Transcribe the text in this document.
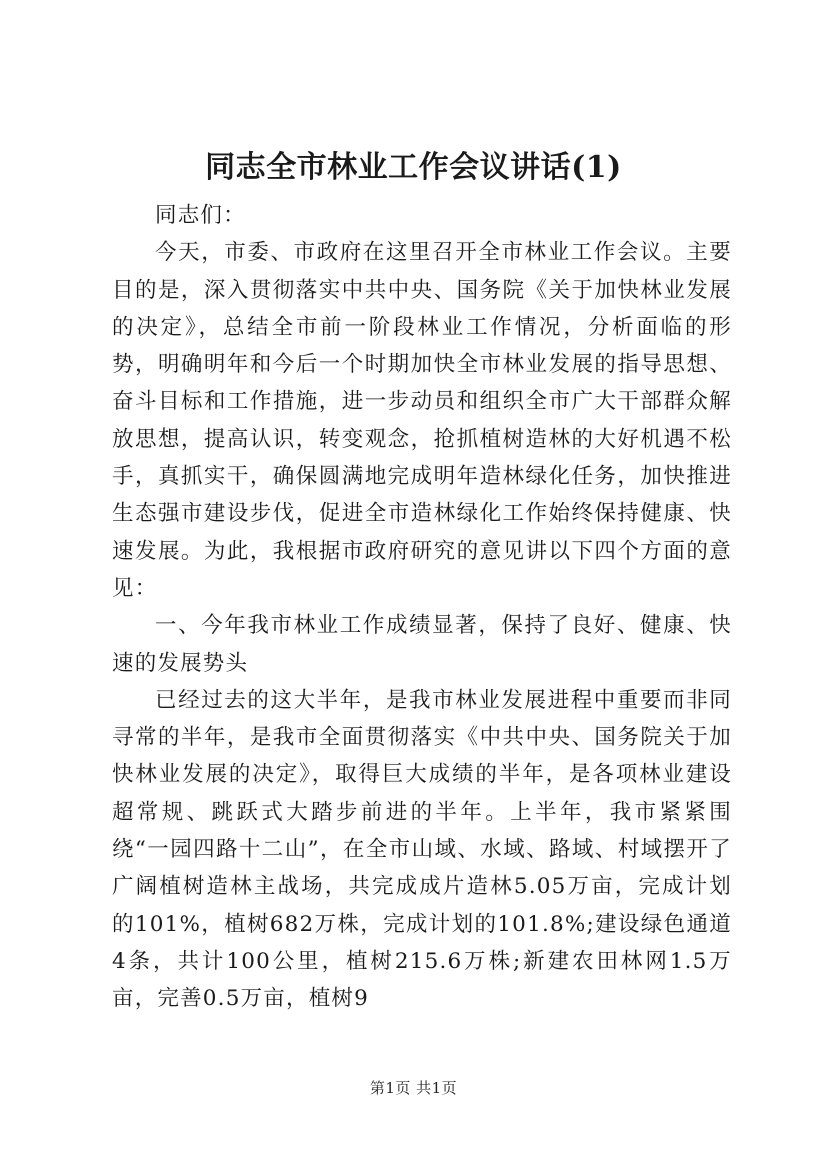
同志全市林业工作会议讲话(1)

同志们：

今天，市委、市政府在这里召开全市林业工作会议。主要目的是，深入贯彻落实中共中央、国务院《关于加快林业发展的决定》，总结全市前一阶段林业工作情况，分析面临的形势，明确明年和今后一个时期加快全市林业发展的指导思想、奋斗目标和工作措施，进一步动员和组织全市广大干部群众解放思想，提高认识，转变观念，抢抓植树造林的大好机遇不松手，真抓实干，确保圆满地完成明年造林绿化任务，加快推进生态强市建设步伐，促进全市造林绿化工作始终保持健康、快速发展。为此，我根据市政府研究的意见讲以下四个方面的意见：

一、今年我市林业工作成绩显著，保持了良好、健康、快速的发展势头

已经过去的这大半年，是我市林业发展进程中重要而非同寻常的半年，是我市全面贯彻落实《中共中央、国务院关于加快林业发展的决定》，取得巨大成绩的半年，是各项林业建设超常规、跳跃式大踏步前进的半年。上半年，我市紧紧围绕“一园四路十二山”，在全市山域、水域、路域、村域摆开了广阔植树造林主战场，共完成成片造林5.05万亩，完成计划的101%，植树682万株，完成计划的101.8%;建设绿色通道4条，共计100公里，植树215.6万株;新建农田林网1.5万亩，完善0.5万亩，植树9

第1页 共1页
